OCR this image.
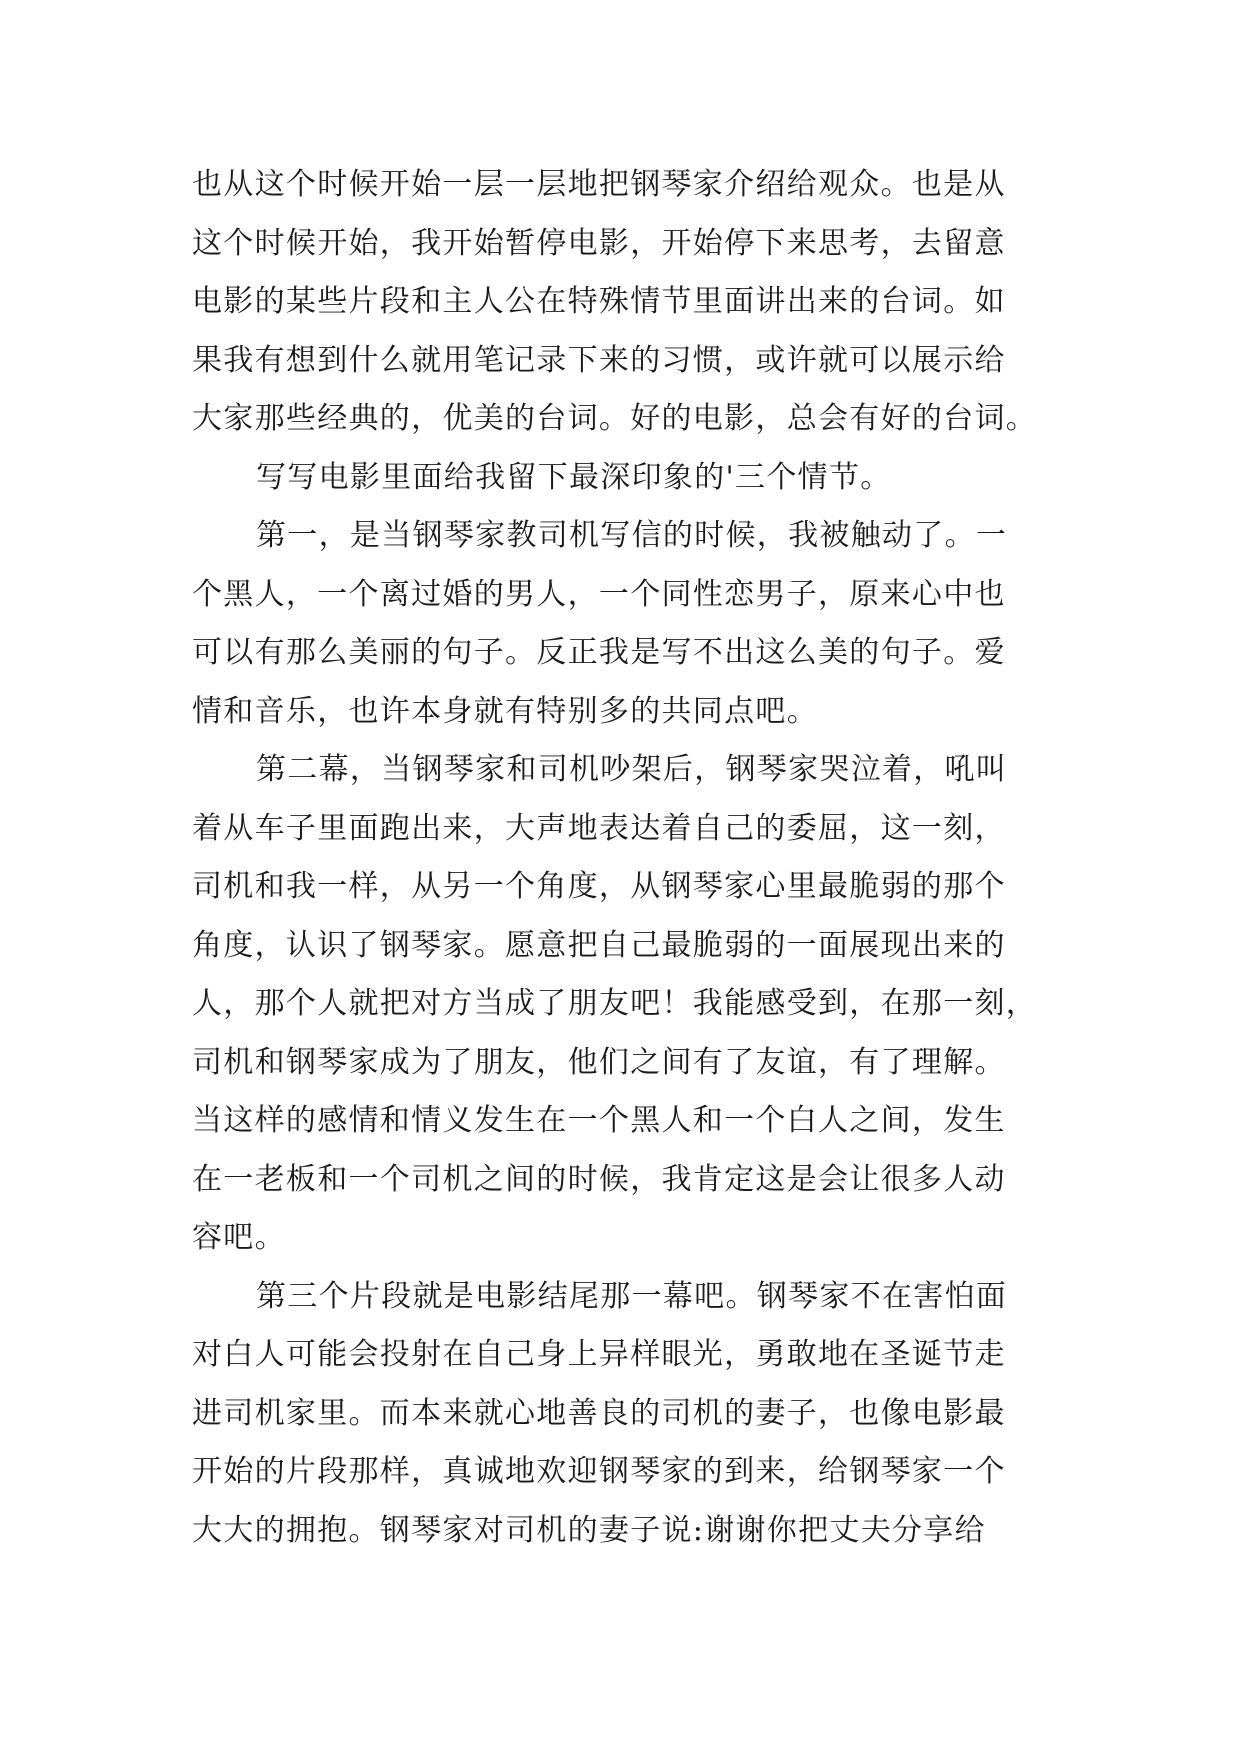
也从这个时候开始一层一层地把钢琴家介绍给观众。也是从
这个时候开始，我开始暂停电影，开始停下来思考，去留意
电影的某些片段和主人公在特殊情节里面讲出来的台词。如
果我有想到什么就用笔记录下来的习惯，或许就可以展示给
大家那些经典的，优美的台词。好的电影，总会有好的台词。
写写电影里面给我留下最深印象的'三个情节。
第一，是当钢琴家教司机写信的时候，我被触动了。一
个黑人，一个离过婚的男人，一个同性恋男子，原来心中也
可以有那么美丽的句子。反正我是写不出这么美的句子。爱
情和音乐，也许本身就有特别多的共同点吧。
第二幕，当钢琴家和司机吵架后，钢琴家哭泣着，吼叫
着从车子里面跑出来，大声地表达着自己的委屈，这一刻，
司机和我一样，从另一个角度，从钢琴家心里最脆弱的那个
角度，认识了钢琴家。愿意把自己最脆弱的一面展现出来的
人，那个人就把对方当成了朋友吧！我能感受到，在那一刻，
司机和钢琴家成为了朋友，他们之间有了友谊，有了理解。
当这样的感情和情义发生在一个黑人和一个白人之间，发生
在一老板和一个司机之间的时候，我肯定这是会让很多人动
容吧。
第三个片段就是电影结尾那一幕吧。钢琴家不在害怕面
对白人可能会投射在自己身上异样眼光，勇敢地在圣诞节走
进司机家里。而本来就心地善良的司机的妻子，也像电影最
开始的片段那样，真诚地欢迎钢琴家的到来，给钢琴家一个
大大的拥抱。钢琴家对司机的妻子说:谢谢你把丈夫分享给
